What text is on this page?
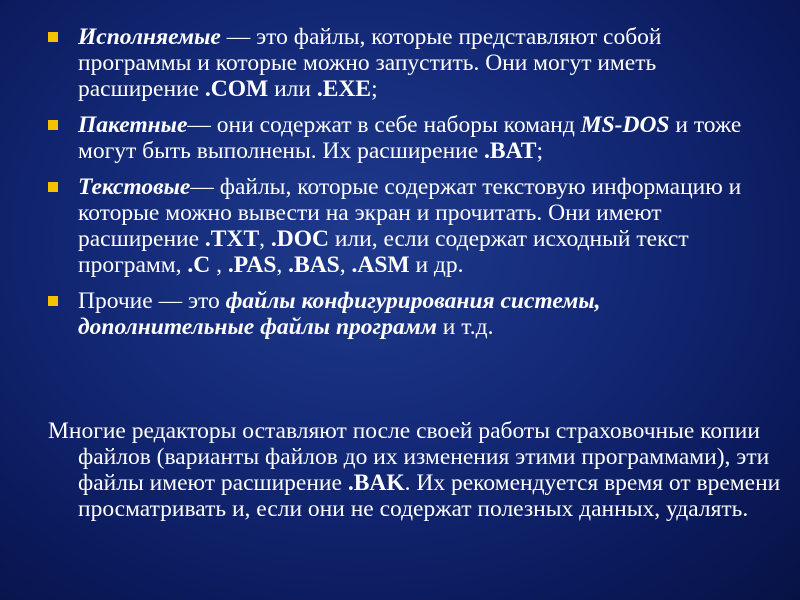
Исполняемые — это файлы, которые представляют собой программы и которые можно запустить. Они могут иметь расширение .COM или .EXE;
Пакетные— они содержат в себе наборы команд MS-DOS и тоже могут быть выполнены. Их расширение .BAT;
Текстовые— файлы, которые содержат текстовую информацию и которые можно вывести на экран и прочитать. Они имеют расширение .TXT, .DOC или, если содержат исходный текст программ, .C , .PAS, .BAS, .ASM и др.
Прочие — это файлы конфигурирования системы, дополнительные файлы программ и т.д.

Многие редакторы оставляют после своей работы страховочные копии файлов (варианты файлов до их изменения этими программами), эти файлы имеют расширение .BAK. Их рекомендуется время от времени просматривать и, если они не содержат полезных данных, удалять.
